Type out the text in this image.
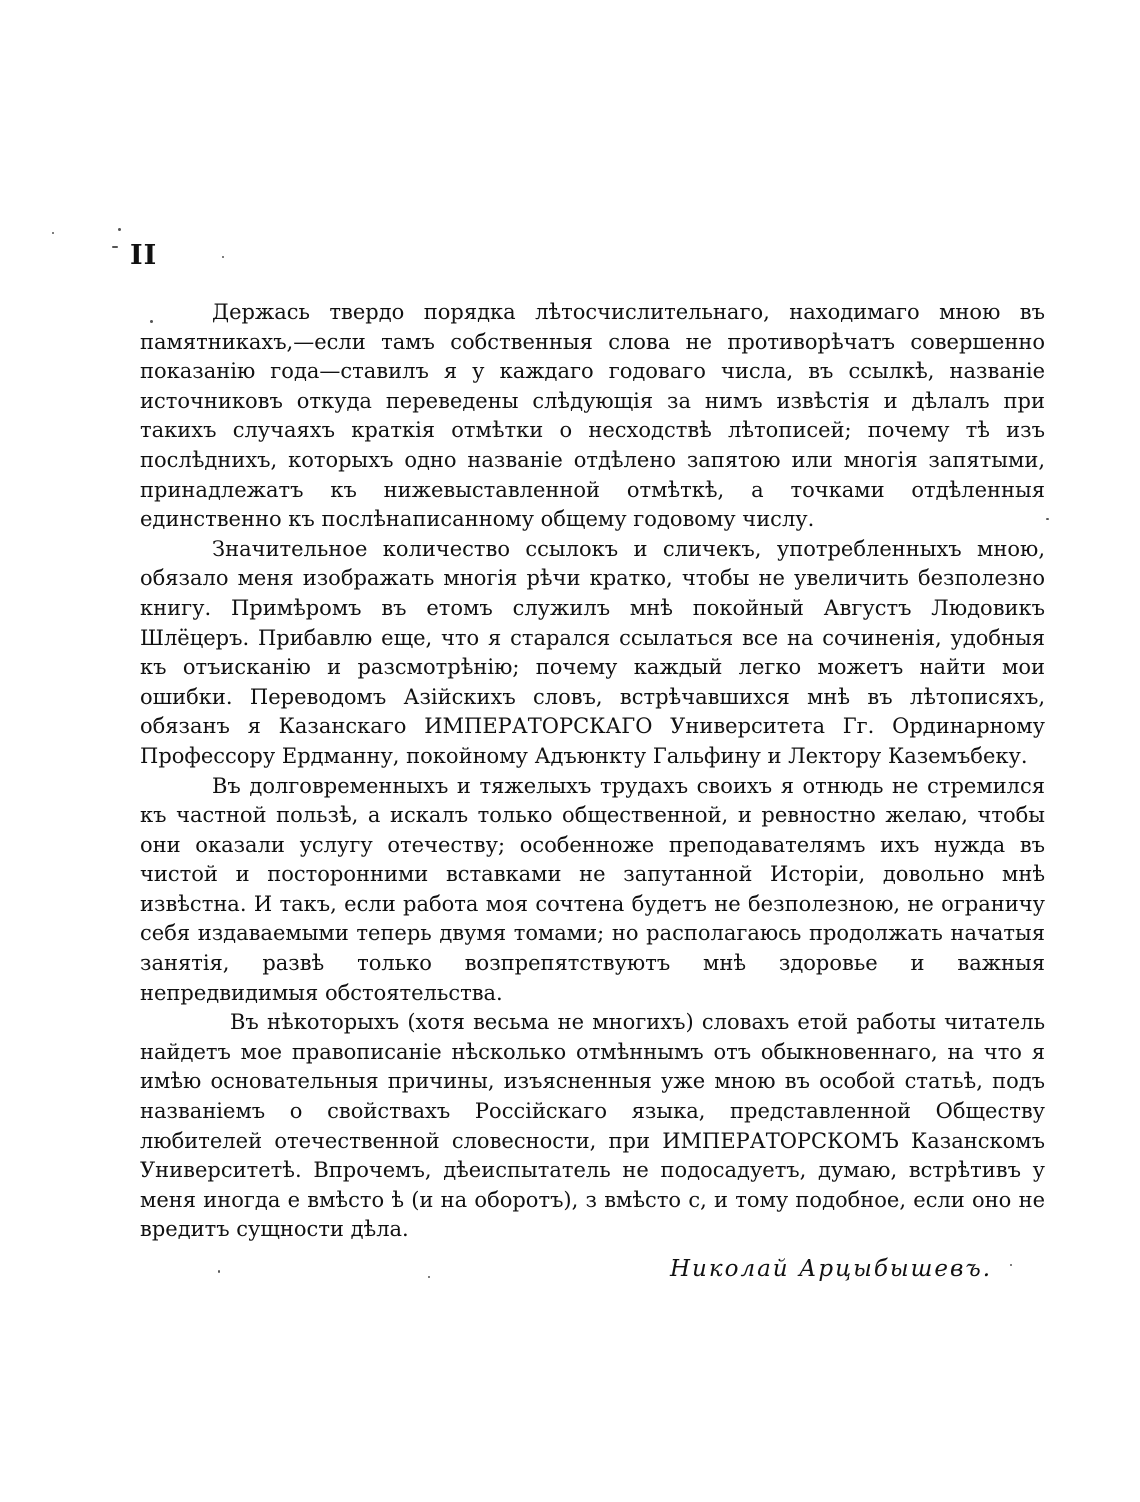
II

Держась твердо порядка лѣтосчислительнаго, находимаго мною въ памятникахъ,—если тамъ собственныя слова не противорѣчатъ совершенно показанію года—ставилъ я у каждаго годоваго числа, въ ссылкѣ, названіе источниковъ откуда переведены слѣдующія за нимъ извѣстія и дѣлалъ при такихъ случаяхъ краткія отмѣтки о несходствѣ лѣтописей; почему тѣ изъ послѣднихъ, которыхъ одно названіе отдѣлено запятою или многія запятыми, принадлежатъ къ нижевыставленной отмѣткѣ, а точками отдѣленныя единственно къ послѣнаписанному общему годовому числу.

Значительное количество ссылокъ и сличекъ, употребленныхъ мною, обязало меня изображать многія рѣчи кратко, чтобы не увеличить безполезно книгу. Примѣромъ въ етомъ служилъ мнѣ покойный Августъ Людовикъ Шлёцеръ. Прибавлю еще, что я старался ссылаться все на сочиненія, удобныя къ отъисканію и разсмотрѣнію; почему каждый легко можетъ найти мои ошибки. Переводомъ Азійскихъ словъ, встрѣчавшихся мнѣ въ лѣтописяхъ, обязанъ я Казанскаго ИМПЕРАТОРСКАГО Университета Гг. Ординарному Профессору Ердманну, покойному Адъюнкту Гальфину и Лектору Каземъбеку.

Въ долговременныхъ и тяжелыхъ трудахъ своихъ я отнюдь не стремился къ частной пользѣ, а искалъ только общественной, и ревностно желаю, чтобы они оказали услугу отечеству; особенноже преподавателямъ ихъ нужда въ чистой и посторонними вставками не запутанной Исторіи, довольно мнѣ извѣстна. И такъ, если работа моя сочтена будетъ не безполезною, не ограничу себя издаваемыми теперь двумя томами; но располагаюсь продолжать начатыя занятія, развѣ только возпрепятствуютъ мнѣ здоровье и важныя непредвидимыя обстоятельства.

Въ нѣкоторыхъ (хотя весьма не многихъ) словахъ етой работы читатель найдетъ мое правописаніе нѣсколько отмѣннымъ отъ обыкновеннаго, на что я имѣю основательныя причины, изъясненныя уже мною въ особой статьѣ, подъ названіемъ о свойствахъ Россійскаго языка, представленной Обществу любителей отечественной словесности, при ИМПЕРАТОРСКОМЪ Казанскомъ Университетѣ. Впрочемъ, дѣеиспытатель не подосадуетъ, думаю, встрѣтивъ у меня иногда е вмѣсто ѣ (и на оборотъ), з вмѣсто с, и тому подобное, если оно не вредитъ сущности дѣла.

Николай Арцыбышевъ.
